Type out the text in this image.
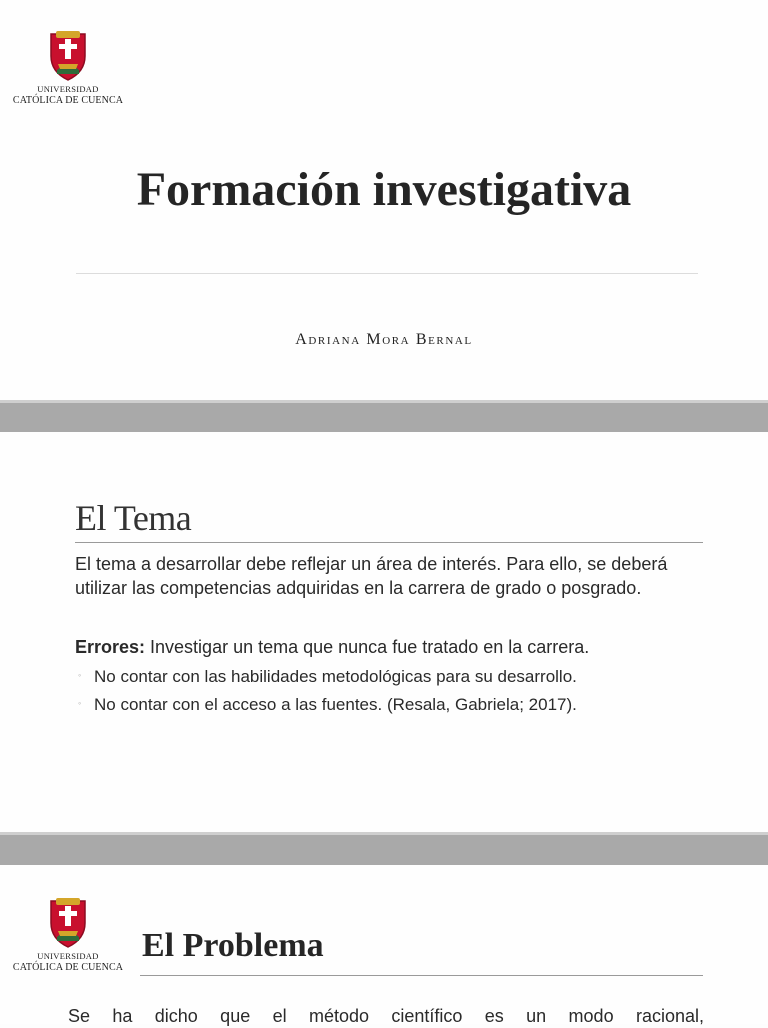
UNIVERSIDAD
CATÓLICA DE CUENCA
Formación investigativa
Adriana Mora Bernal
El Tema

El tema a desarrollar debe reflejar un área de interés. Para ello, se deberá utilizar las competencias adquiridas en la carrera de grado o posgrado.

Errores: Investigar un tema que nunca fue tratado en la carrera.

◦ No contar con las habilidades metodológicas para su desarrollo.
◦ No contar con el acceso a las fuentes. (Resala, Gabriela; 2017).
UNIVERSIDAD
CATÓLICA DE CUENCA
El Problema

Se ha dicho que el método científico es un modo racional,
